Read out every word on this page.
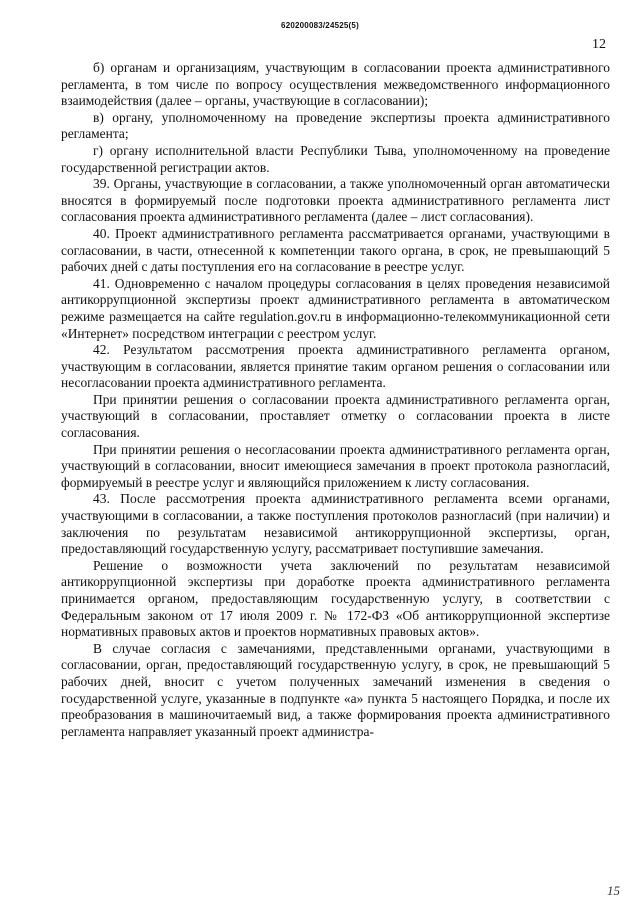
620200083/24525(5)
12

б) органам и организациям, участвующим в согласовании проекта административного регламента, в том числе по вопросу осуществления межведомственного информационного взаимодействия (далее – органы, участвующие в согласовании);

в) органу, уполномоченному на проведение экспертизы проекта административного регламента;

г) органу исполнительной власти Республики Тыва, уполномоченному на проведение государственной регистрации актов.

39. Органы, участвующие в согласовании, а также уполномоченный орган автоматически вносятся в формируемый после подготовки проекта административного регламента лист согласования проекта административного регламента (далее – лист согласования).

40. Проект административного регламента рассматривается органами, участвующими в согласовании, в части, отнесенной к компетенции такого органа, в срок, не превышающий 5 рабочих дней с даты поступления его на согласование в реестре услуг.

41. Одновременно с началом процедуры согласования в целях проведения независимой антикоррупционной экспертизы проект административного регламента в автоматическом режиме размещается на сайте regulation.gov.ru в информационно-телекоммуникационной сети «Интернет» посредством интеграции с реестром услуг.

42. Результатом рассмотрения проекта административного регламента органом, участвующим в согласовании, является принятие таким органом решения о согласовании или несогласовании проекта административного регламента.

При принятии решения о согласовании проекта административного регламента орган, участвующий в согласовании, проставляет отметку о согласовании проекта в листе согласования.

При принятии решения о несогласовании проекта административного регламента орган, участвующий в согласовании, вносит имеющиеся замечания в проект протокола разногласий, формируемый в реестре услуг и являющийся приложением к листу согласования.

43. После рассмотрения проекта административного регламента всеми органами, участвующими в согласовании, а также поступления протоколов разногласий (при наличии) и заключения по результатам независимой антикоррупционной экспертизы, орган, предоставляющий государственную услугу, рассматривает поступившие замечания.

Решение о возможности учета заключений по результатам независимой антикоррупционной экспертизы при доработке проекта административного регламента принимается органом, предоставляющим государственную услугу, в соответствии с Федеральным законом от 17 июля 2009 г. № 172-ФЗ «Об антикоррупционной экспертизе нормативных правовых актов и проектов нормативных правовых актов».

В случае согласия с замечаниями, представленными органами, участвующими в согласовании, орган, предоставляющий государственную услугу, в срок, не превышающий 5 рабочих дней, вносит с учетом полученных замечаний изменения в сведения о государственной услуге, указанные в подпункте «а» пункта 5 настоящего Порядка, и после их преобразования в машиночитаемый вид, а также формирования проекта административного регламента направляет указанный проект администра-

15
